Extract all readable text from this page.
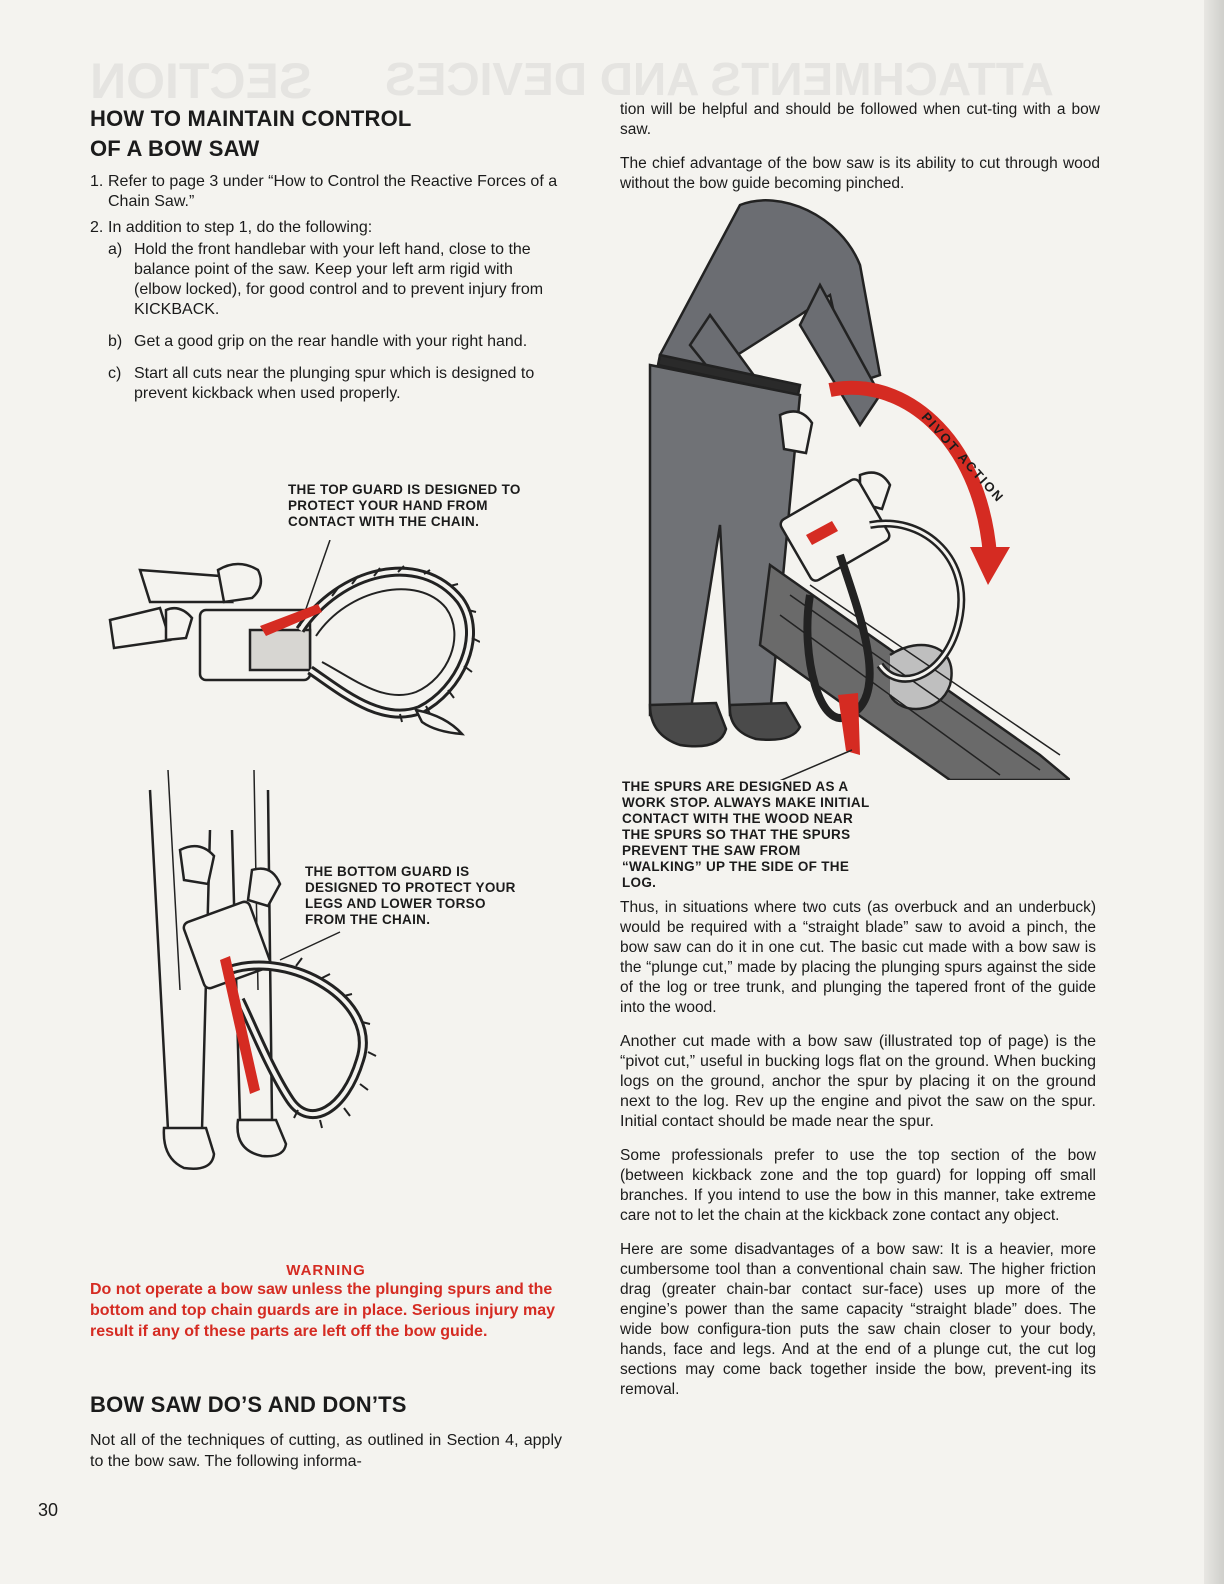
ATTACHMENTS AND DEVICES
SECTION
HOW TO MAINTAIN CONTROL
OF A BOW SAW
1. Refer to page 3 under “How to Control the Reactive Forces of a Chain Saw.”
2. In addition to step 1, do the following:
a) Hold the front handlebar with your left hand, close to the balance point of the saw. Keep your left arm rigid with (elbow locked), for good control and to prevent injury from KICKBACK.
b) Get a good grip on the rear handle with your right hand.
c) Start all cuts near the plunging spur which is designed to prevent kickback when used properly.
THE TOP GUARD IS DESIGNED TO PROTECT YOUR HAND FROM CONTACT WITH THE CHAIN.
THE BOTTOM GUARD IS DESIGNED TO PROTECT YOUR LEGS AND LOWER TORSO FROM THE CHAIN.
WARNING
Do not operate a bow saw unless the plunging spurs and the bottom and top chain guards are in place. Serious injury may result if any of these parts are left off the bow guide.
BOW SAW DO’S AND DON’TS

Not all of the techniques of cutting, as outlined in Section 4, apply to the bow saw. The following informa-

tion will be helpful and should be followed when cut-ting with a bow saw.

The chief advantage of the bow saw is its ability to cut through wood without the bow guide becoming pinched.

PIVOT ACTION
THE SPURS ARE DESIGNED AS A WORK STOP. ALWAYS MAKE INITIAL CONTACT WITH THE WOOD NEAR THE SPURS SO THAT THE SPURS PREVENT THE SAW FROM “WALKING” UP THE SIDE OF THE LOG.

Thus, in situations where two cuts (as overbuck and an underbuck) would be required with a “straight blade” saw to avoid a pinch, the bow saw can do it in one cut. The basic cut made with a bow saw is the “plunge cut,” made by placing the plunging spurs against the side of the log or tree trunk, and plunging the tapered front of the guide into the wood.

Another cut made with a bow saw (illustrated top of page) is the “pivot cut,” useful in bucking logs flat on the ground. When bucking logs on the ground, anchor the spur by placing it on the ground next to the log. Rev up the engine and pivot the saw on the spur. Initial contact should be made near the spur.

Some professionals prefer to use the top section of the bow (between kickback zone and the top guard) for lopping off small branches. If you intend to use the bow in this manner, take extreme care not to let the chain at the kickback zone contact any object.

Here are some disadvantages of a bow saw: It is a heavier, more cumbersome tool than a conventional chain saw. The higher friction drag (greater chain-bar contact sur-face) uses up more of the engine’s power than the same capacity “straight blade” does. The wide bow configura-tion puts the saw chain closer to your body, hands, face and legs. And at the end of a plunge cut, the cut log sections may come back together inside the bow, prevent-ing its removal.

30
